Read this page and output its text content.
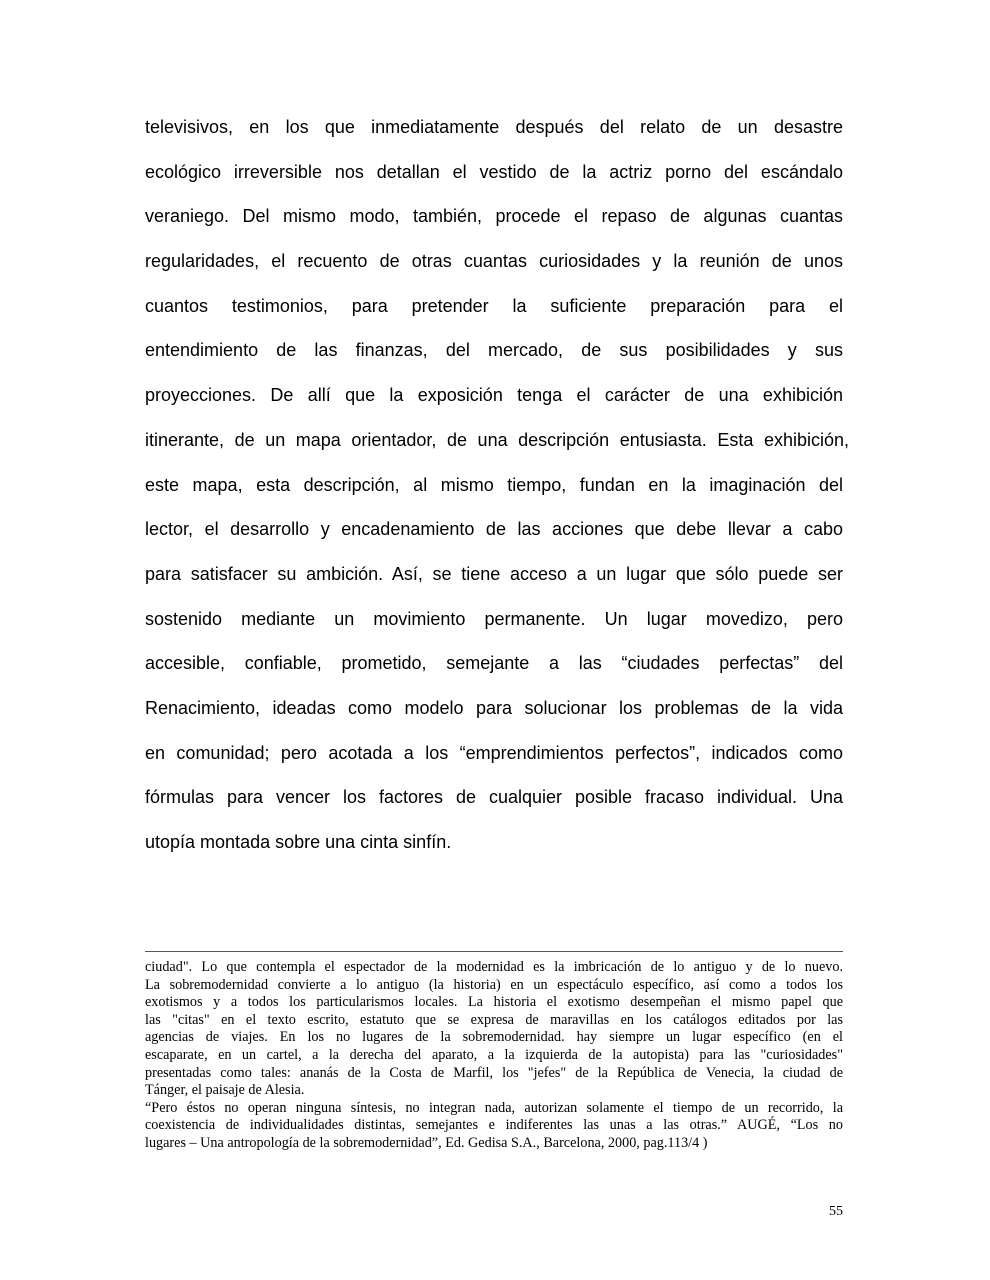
televisivos, en los que inmediatamente después del relato de un desastre
ecológico irreversible nos detallan el vestido de la actriz porno del escándalo
veraniego. Del mismo modo, también, procede el repaso de algunas cuantas
regularidades, el recuento de otras cuantas curiosidades y la reunión de unos
cuantos testimonios, para pretender la suficiente preparación para el
entendimiento de las finanzas, del mercado, de sus posibilidades y sus
proyecciones. De allí que la exposición tenga el carácter de una exhibición
itinerante, de un mapa orientador, de una descripción entusiasta. Esta exhibición,
este mapa, esta descripción, al mismo tiempo, fundan en la imaginación del
lector, el desarrollo y encadenamiento de las acciones que debe llevar a cabo
para satisfacer su ambición. Así, se tiene acceso a un lugar que sólo puede ser
sostenido mediante un movimiento permanente. Un lugar movedizo, pero
accesible, confiable, prometido, semejante a las “ciudades perfectas” del
Renacimiento, ideadas como modelo para solucionar los problemas de la vida
en comunidad; pero acotada a los “emprendimientos perfectos”, indicados como
fórmulas para vencer los factores de cualquier posible fracaso individual. Una
utopía montada sobre una cinta sinfín.
ciudad". Lo que contempla el espectador de la modernidad es la imbricación de lo antiguo y de lo nuevo.
La sobremodernidad convierte a lo antiguo (la historia) en un espectáculo específico, así como a todos los
exotismos y a todos los particularismos locales. La historia el exotismo desempeñan el mismo papel que
las "citas" en el texto escrito, estatuto que se expresa de maravillas en los catálogos editados por las
agencias de viajes. En los no lugares de la sobremodernidad. hay siempre un lugar específico (en el
escaparate, en un cartel, a la derecha del aparato, a la izquierda de la autopista) para las "curiosidades"
presentadas como tales: ananás de la Costa de Marfil, los "jefes" de la República de Venecia, la ciudad de
Tánger, el paisaje de Alesia.
“Pero éstos no operan ninguna síntesis, no integran nada, autorizan solamente el tiempo de un recorrido, la
coexistencia de individualidades distintas, semejantes e indiferentes las unas a las otras.” AUGÉ, “Los no
lugares – Una antropología de la sobremodernidad”, Ed. Gedisa S.A., Barcelona, 2000, pag.113/4 )
55
